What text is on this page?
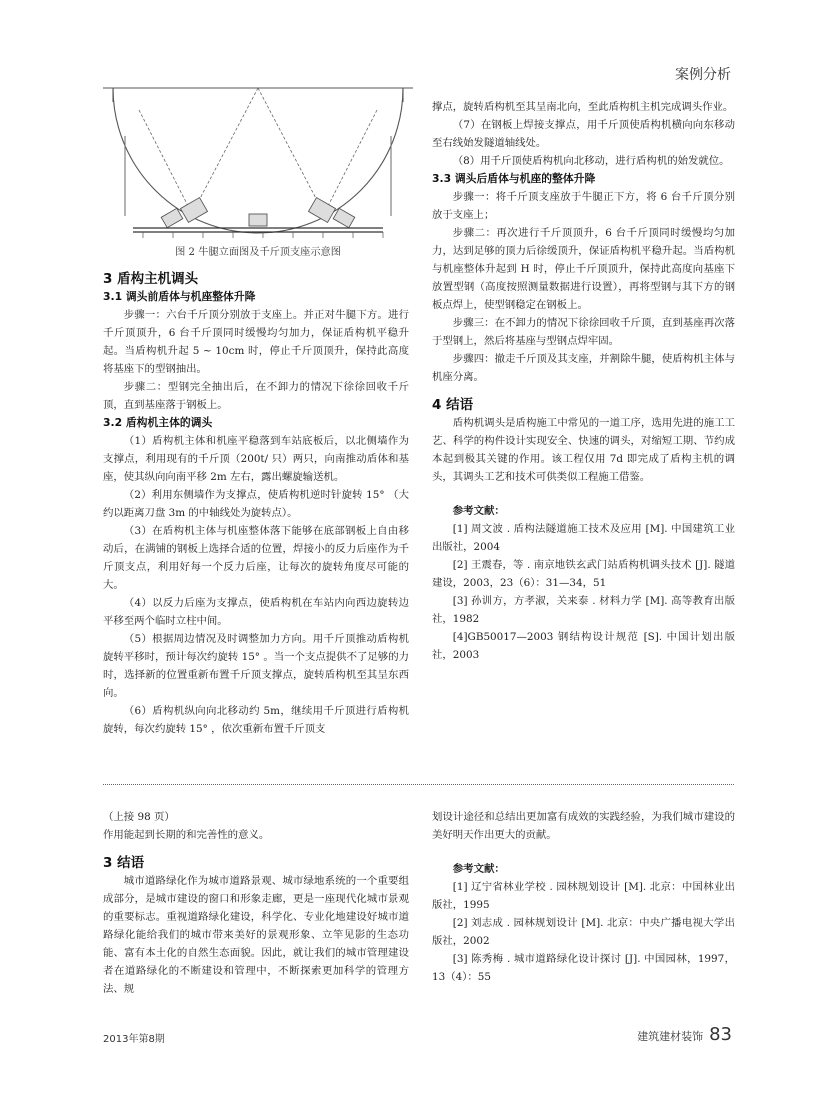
案例分析
图 2 牛腿立面图及千斤顶支座示意图

3 盾构主机调头

3.1 调头前盾体与机座整体升降

步骤一：六台千斤顶分别放于支座上。并正对牛腿下方。进行千斤顶顶升，6 台千斤顶同时缓慢均匀加力，保证盾构机平稳升起。当盾构机升起 5 ~ 10cm 时，停止千斤顶顶升，保持此高度将基座下的型钢抽出。

步骤二：型钢完全抽出后，在不卸力的情况下徐徐回收千斤顶，直到基座落于钢板上。

3.2 盾构机主体的调头

（1）盾构机主体和机座平稳落到车站底板后，以北侧墙作为支撑点，利用现有的千斤顶（200t/ 只）两只，向南推动盾体和基座，使其纵向向南平移 2m 左右，露出螺旋输送机。

（2）利用东侧墙作为支撑点，使盾构机逆时针旋转 15° （大约以距离刀盘 3m 的中轴线处为旋转点）。

（3）在盾构机主体与机座整体落下能够在底部钢板上自由移动后，在满铺的钢板上选择合适的位置，焊接小的反力后座作为千斤顶支点，利用好每一个反力后座，让每次的旋转角度尽可能的大。

（4）以反力后座为支撑点，使盾构机在车站内向西边旋转边平移至两个临时立柱中间。

（5）根据周边情况及时调整加力方向。用千斤顶推动盾构机旋转平移时，预计每次约旋转 15° 。当一个支点提供不了足够的力时，选择新的位置重新布置千斤顶支撑点，旋转盾构机至其呈东西向。

（6）盾构机纵向向北移动约 5m，继续用千斤顶进行盾构机旋转，每次约旋转 15° ，依次重新布置千斤顶支

撑点，旋转盾构机至其呈南北向，至此盾构机主机完成调头作业。

（7）在钢板上焊接支撑点，用千斤顶使盾构机横向向东移动至右线始发隧道轴线处。

（8）用千斤顶使盾构机向北移动，进行盾构机的始发就位。

3.3 调头后盾体与机座的整体升降

步骤一：将千斤顶支座放于牛腿正下方，将 6 台千斤顶分别放于支座上；

步骤二：再次进行千斤顶顶升，6 台千斤顶同时缓慢均匀加力，达到足够的顶力后徐缓顶升，保证盾构机平稳升起。当盾构机与机座整体升起到 H 时，停止千斤顶顶升，保持此高度向基座下放置型钢（高度按照测量数据进行设置），再将型钢与其下方的钢板点焊上，使型钢稳定在钢板上。

步骤三：在不卸力的情况下徐徐回收千斤顶，直到基座再次落于型钢上，然后将基座与型钢点焊牢固。

步骤四：撤走千斤顶及其支座，并割除牛腿，使盾构机主体与机座分离。

4 结语

盾构机调头是盾构施工中常见的一道工序，选用先进的施工工艺、科学的构件设计实现安全、快速的调头，对缩短工期、节约成本起到极其关键的作用。该工程仅用 7d 即完成了盾构主机的调头，其调头工艺和技术可供类似工程施工借鉴。

参考文献：

[1] 周文波 . 盾构法隧道施工技术及应用 [M]. 中国建筑工业出版社，2004

[2] 王震春，等 . 南京地铁玄武门站盾构机调头技术 [J]. 隧道建设，2003，23（6）：31—34，51

[3] 孙训方，方孝淑，关来泰 . 材料力学 [M]. 高等教育出版社，1982

[4]GB50017—2003 钢结构设计规范 [S]. 中国计划出版社，2003

（上接 98 页）

作用能起到长期的和完善性的意义。

3 结语

城市道路绿化作为城市道路景观、城市绿地系统的一个重要组成部分，是城市建设的窗口和形象走廊，更是一座现代化城市景观的重要标志。重视道路绿化建设，科学化、专业化地建设好城市道路绿化能给我们的城市带来美好的景观形象、立竿见影的生态功能、富有本土化的自然生态面貌。因此，就让我们的城市管理建设者在道路绿化的不断建设和管理中，不断探索更加科学的管理方法、规

划设计途径和总结出更加富有成效的实践经验，为我们城市建设的美好明天作出更大的贡献。

参考文献：

[1] 辽宁省林业学校 . 园林规划设计 [M]. 北京：中国林业出版社，1995

[2] 刘志成 . 园林规划设计 [M]. 北京：中央广播电视大学出版社，2002

[3] 陈秀梅 . 城市道路绿化设计探讨 [J]. 中国园林，1997，13（4）：55

2013年第8期	建筑建材装饰 83
